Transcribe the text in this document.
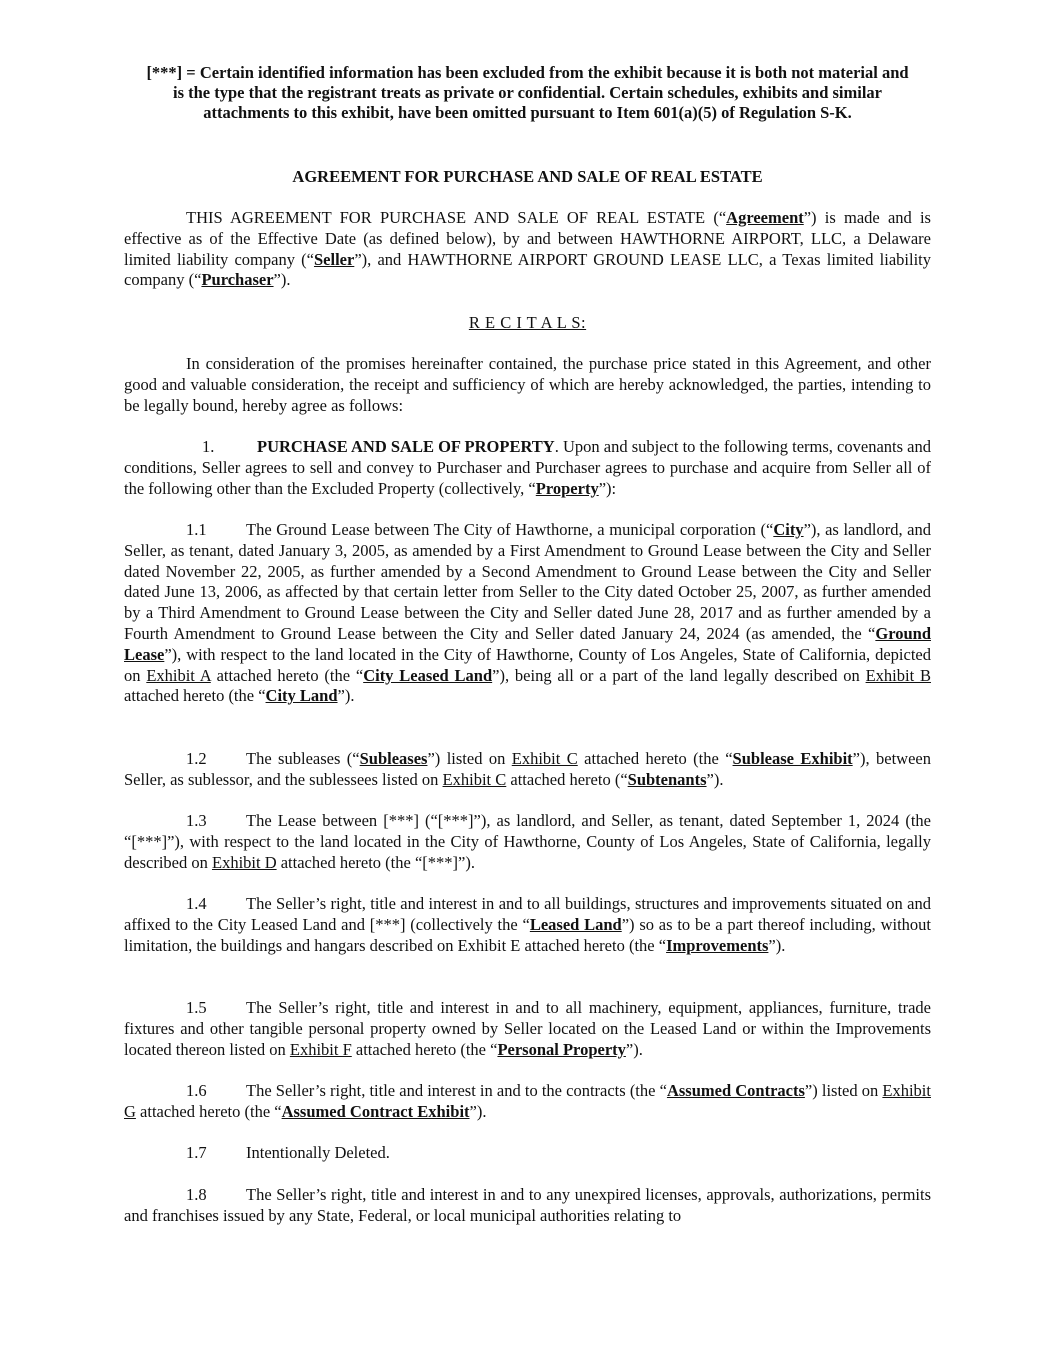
[***] = Certain identified information has been excluded from the exhibit because it is both not material and
is the type that the registrant treats as private or confidential. Certain schedules, exhibits and similar
attachments to this exhibit, have been omitted pursuant to Item 601(a)(5) of Regulation S-K.
AGREEMENT FOR PURCHASE AND SALE OF REAL ESTATE

THIS AGREEMENT FOR PURCHASE AND SALE OF REAL ESTATE (“Agreement”) is made and is effective as of the Effective Date (as defined below), by and between HAWTHORNE AIRPORT, LLC, a Delaware limited liability company (“Seller”), and HAWTHORNE AIRPORT GROUND LEASE LLC, a Texas limited liability company (“Purchaser”).

R E C I T A L S:

In consideration of the promises hereinafter contained, the purchase price stated in this Agreement, and other good and valuable consideration, the receipt and sufficiency of which are hereby acknowledged, the parties, intending to be legally bound, hereby agree as follows:

1.	PURCHASE AND SALE OF PROPERTY. Upon and subject to the following terms, covenants and conditions, Seller agrees to sell and convey to Purchaser and Purchaser agrees to purchase and acquire from Seller all of the following other than the Excluded Property (collectively, “Property”):

1.1 The Ground Lease between The City of Hawthorne, a municipal corporation (“City”), as landlord, and Seller, as tenant, dated January 3, 2005, as amended by a First Amendment to Ground Lease between the City and Seller dated November 22, 2005, as further amended by a Second Amendment to Ground Lease between the City and Seller dated June 13, 2006, as affected by that certain letter from Seller to the City dated October 25, 2007, as further amended by a Third Amendment to Ground Lease between the City and Seller dated June 28, 2017 and as further amended by a Fourth Amendment to Ground Lease between the City and Seller dated January 24, 2024 (as amended, the “Ground Lease”), with respect to the land located in the City of Hawthorne, County of Los Angeles, State of California, depicted on Exhibit A attached hereto (the “City Leased Land”), being all or a part of the land legally described on Exhibit B attached hereto (the “City Land”).

1.2 The subleases (“Subleases”) listed on Exhibit C attached hereto (the “Sublease Exhibit”), between Seller, as sublessor, and the sublessees listed on Exhibit C attached hereto (“Subtenants”).

1.3 The Lease between [***] (“[***]”), as landlord, and Seller, as tenant, dated September 1, 2024 (the “[***]”), with respect to the land located in the City of Hawthorne, County of Los Angeles, State of California, legally described on Exhibit D attached hereto (the “[***]”).

1.4 The Seller’s right, title and interest in and to all buildings, structures and improvements situated on and affixed to the City Leased Land and [***] (collectively the “Leased Land”) so as to be a part thereof including, without limitation, the buildings and hangars described on Exhibit E attached hereto (the “Improvements”).

1.5 The Seller’s right, title and interest in and to all machinery, equipment, appliances, furniture, trade fixtures and other tangible personal property owned by Seller located on the Leased Land or within the Improvements located thereon listed on Exhibit F attached hereto (the “Personal Property”).

1.6 The Seller’s right, title and interest in and to the contracts (the “Assumed Contracts”) listed on Exhibit G attached hereto (the “Assumed Contract Exhibit”).

1.7 Intentionally Deleted.

1.8 The Seller’s right, title and interest in and to any unexpired licenses, approvals, authorizations, permits and franchises issued by any State, Federal, or local municipal authorities relating to
